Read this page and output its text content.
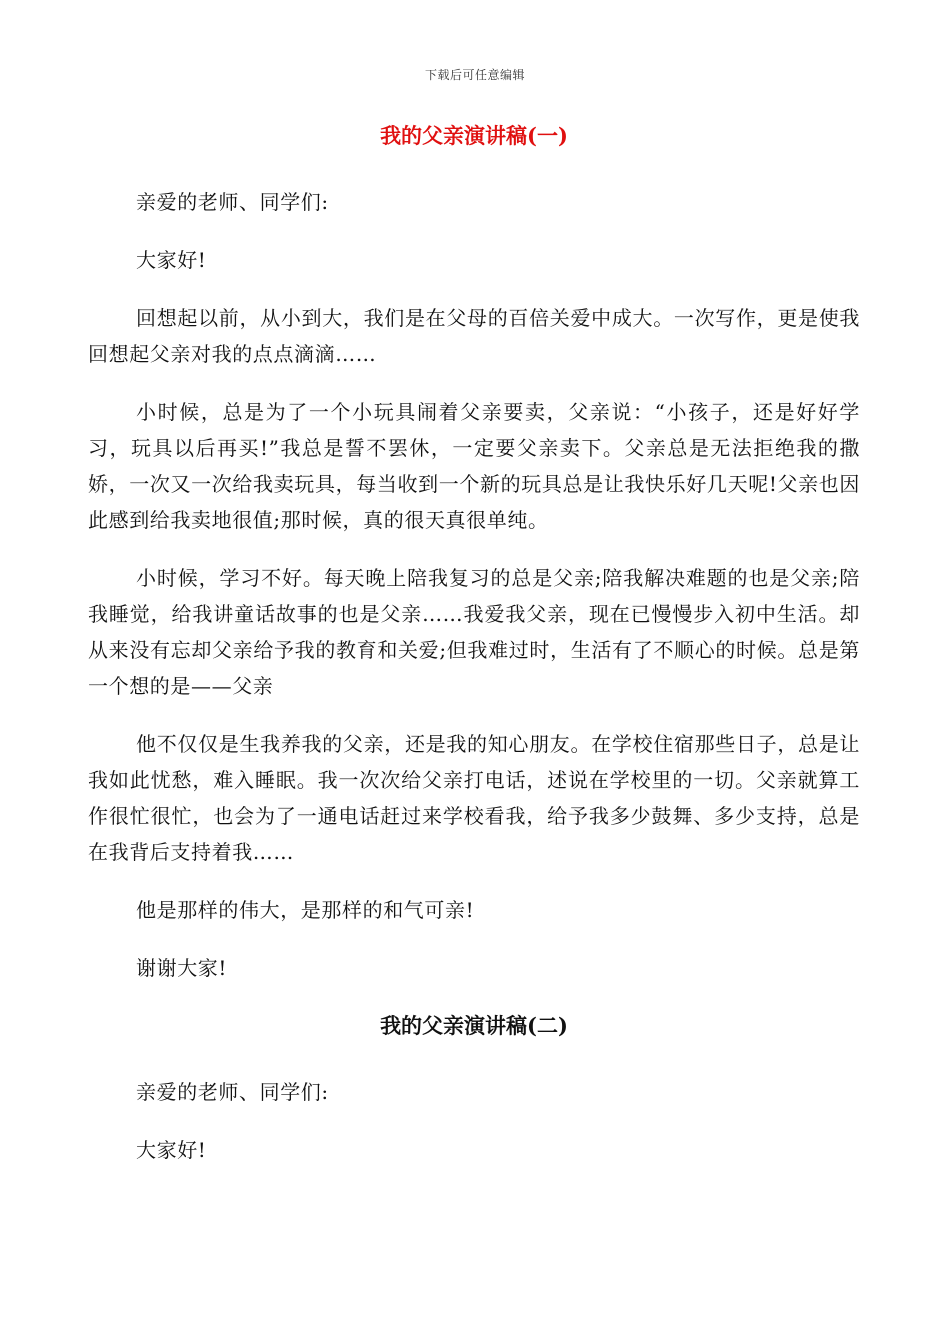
下载后可任意编辑
我的父亲演讲稿(一)

亲爱的老师、同学们:

大家好!

回想起以前，从小到大，我们是在父母的百倍关爱中成大。一次写作，更是使我回想起父亲对我的点点滴滴……

小时候，总是为了一个小玩具闹着父亲要卖，父亲说：“小孩子，还是好好学习，玩具以后再买!”我总是誓不罢休，一定要父亲卖下。父亲总是无法拒绝我的撒娇，一次又一次给我卖玩具，每当收到一个新的玩具总是让我快乐好几天呢!父亲也因此感到给我卖地很值;那时候，真的很天真很单纯。

小时候，学习不好。每天晚上陪我复习的总是父亲;陪我解决难题的也是父亲;陪我睡觉，给我讲童话故事的也是父亲……我爱我父亲，现在已慢慢步入初中生活。却从来没有忘却父亲给予我的教育和关爱;但我难过时，生活有了不顺心的时候。总是第一个想的是——父亲

他不仅仅是生我养我的父亲，还是我的知心朋友。在学校住宿那些日子，总是让我如此忧愁，难入睡眠。我一次次给父亲打电话，述说在学校里的一切。父亲就算工作很忙很忙，也会为了一通电话赶过来学校看我，给予我多少鼓舞、多少支持，总是在我背后支持着我……

他是那样的伟大，是那样的和气可亲!

谢谢大家!

我的父亲演讲稿(二)

亲爱的老师、同学们:

大家好!
